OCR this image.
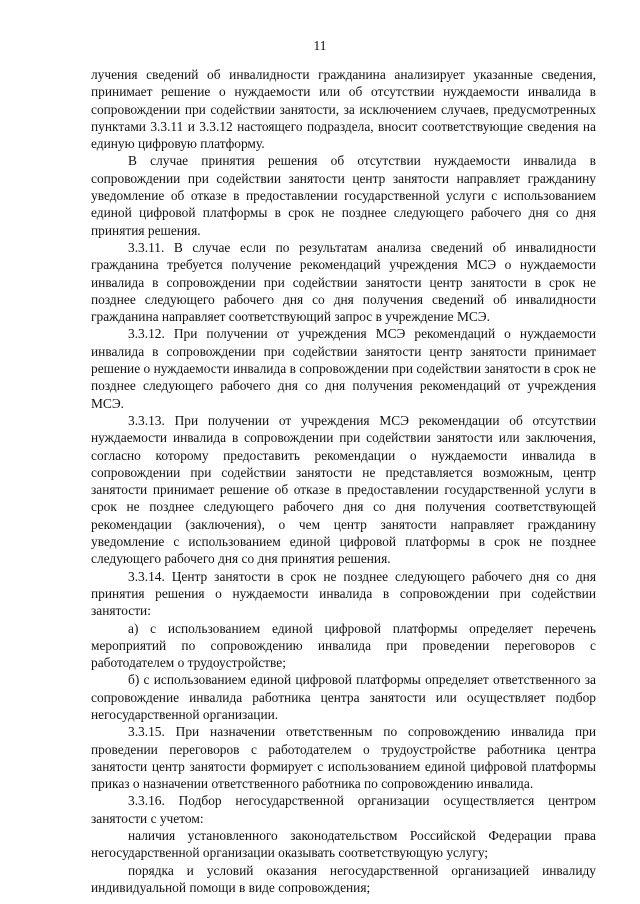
11

лучения сведений об инвалидности гражданина анализирует указанные сведения, принимает решение о нуждаемости или об отсутствии нуждаемости инвалида в сопровождении при содействии занятости, за исключением случаев, предусмотренных пунктами 3.3.11 и 3.3.12 настоящего подраздела, вносит соответствующие сведения на единую цифровую платформу.

В случае принятия решения об отсутствии нуждаемости инвалида в сопровождении при содействии занятости центр занятости направляет гражданину уведомление об отказе в предоставлении государственной услуги с использованием единой цифровой платформы в срок не позднее следующего рабочего дня со дня принятия решения.

3.3.11. В случае если по результатам анализа сведений об инвалидности гражданина требуется получение рекомендаций учреждения МСЭ о нуждаемости инвалида в сопровождении при содействии занятости центр занятости в срок не позднее следующего рабочего дня со дня получения сведений об инвалидности гражданина направляет соответствующий запрос в учреждение МСЭ.

3.3.12. При получении от учреждения МСЭ рекомендаций о нуждаемости инвалида в сопровождении при содействии занятости центр занятости принимает решение о нуждаемости инвалида в сопровождении при содействии занятости в срок не позднее следующего рабочего дня со дня получения рекомендаций от учреждения МСЭ.

3.3.13. При получении от учреждения МСЭ рекомендации об отсутствии нуждаемости инвалида в сопровождении при содействии занятости или заключения, согласно которому предоставить рекомендации о нуждаемости инвалида в сопровождении при содействии занятости не представляется возможным, центр занятости принимает решение об отказе в предоставлении государственной услуги в срок не позднее следующего рабочего дня со дня получения соответствующей рекомендации (заключения), о чем центр занятости направляет гражданину уведомление с использованием единой цифровой платформы в срок не позднее следующего рабочего дня со дня принятия решения.

3.3.14. Центр занятости в срок не позднее следующего рабочего дня со дня принятия решения о нуждаемости инвалида в сопровождении при содействии занятости:

а) с использованием единой цифровой платформы определяет перечень мероприятий по сопровождению инвалида при проведении переговоров с работодателем о трудоустройстве;

б) с использованием единой цифровой платформы определяет ответственного за сопровождение инвалида работника центра занятости или осуществляет подбор негосударственной организации.

3.3.15. При назначении ответственным по сопровождению инвалида при проведении переговоров с работодателем о трудоустройстве работника центра занятости центр занятости формирует с использованием единой цифровой платформы приказ о назначении ответственного работника по сопровождению инвалида.

3.3.16. Подбор негосударственной организации осуществляется центром занятости с учетом:

наличия установленного законодательством Российской Федерации права негосударственной организации оказывать соответствующую услугу;

порядка и условий оказания негосударственной организацией инвалиду индивидуальной помощи в виде сопровождения;
